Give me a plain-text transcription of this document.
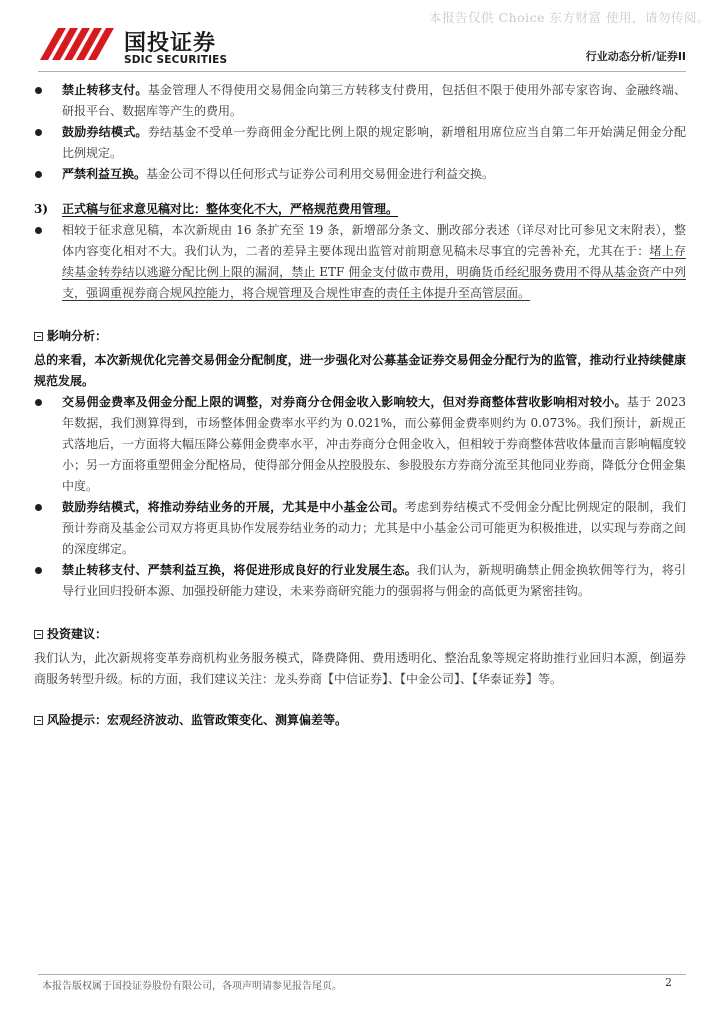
本报告仅供 Choice 东方财富 使用，请勿传阅。
国投证券
SDIC SECURITIES	行业动态分析/证券II
禁止转移支付。基金管理人不得使用交易佣金向第三方转移支付费用，包括但不限于使用外部专家咨询、金融终端、研报平台、数据库等产生的费用。
鼓励券结模式。券结基金不受单一券商佣金分配比例上限的规定影响，新增租用席位应当自第二年开始满足佣金分配比例规定。
严禁利益互换。基金公司不得以任何形式与证券公司利用交易佣金进行利益交换。
3) 正式稿与征求意见稿对比：整体变化不大，严格规范费用管理。
相较于征求意见稿，本次新规由 16 条扩充至 19 条，新增部分条文、删改部分表述（详尽对比可参见文末附表），整体内容变化相对不大。我们认为，二者的差异主要体现出监管对前期意见稿未尽事宜的完善补充，尤其在于：堵上存续基金转券结以逃避分配比例上限的漏洞，禁止 ETF 佣金支付做市费用，明确货币经纪服务费用不得从基金资产中列支，强调重视券商合规风控能力，将合规管理及合规性审查的责任主体提升至高管层面。
影响分析：
总的来看，本次新规优化完善交易佣金分配制度，进一步强化对公募基金证券交易佣金分配行为的监管，推动行业持续健康规范发展。
交易佣金费率及佣金分配上限的调整，对券商分仓佣金收入影响较大，但对券商整体营收影响相对较小。基于 2023 年数据，我们测算得到，市场整体佣金费率水平约为 0.021%，而公募佣金费率则约为 0.073%。我们预计，新规正式落地后，一方面将大幅压降公募佣金费率水平，冲击券商分仓佣金收入，但相较于券商整体营收体量而言影响幅度较小；另一方面将重塑佣金分配格局，使得部分佣金从控股股东、参股股东方券商分流至其他同业券商，降低分仓佣金集中度。
鼓励券结模式，将推动券结业务的开展，尤其是中小基金公司。考虑到券结模式不受佣金分配比例规定的限制，我们预计券商及基金公司双方将更具协作发展券结业务的动力；尤其是中小基金公司可能更为积极推进，以实现与券商之间的深度绑定。
禁止转移支付、严禁利益互换，将促进形成良好的行业发展生态。我们认为，新规明确禁止佣金换软佣等行为，将引导行业回归投研本源、加强投研能力建设，未来券商研究能力的强弱将与佣金的高低更为紧密挂钩。
投资建议：
我们认为，此次新规将变革券商机构业务服务模式，降费降佣、费用透明化、整治乱象等规定将助推行业回归本源，倒逼券商服务转型升级。标的方面，我们建议关注：龙头券商【中信证券】、【中金公司】、【华泰证券】等。
风险提示：宏观经济波动、监管政策变化、测算偏差等。
本报告版权属于国投证券股份有限公司，各项声明请参见报告尾页。	2
